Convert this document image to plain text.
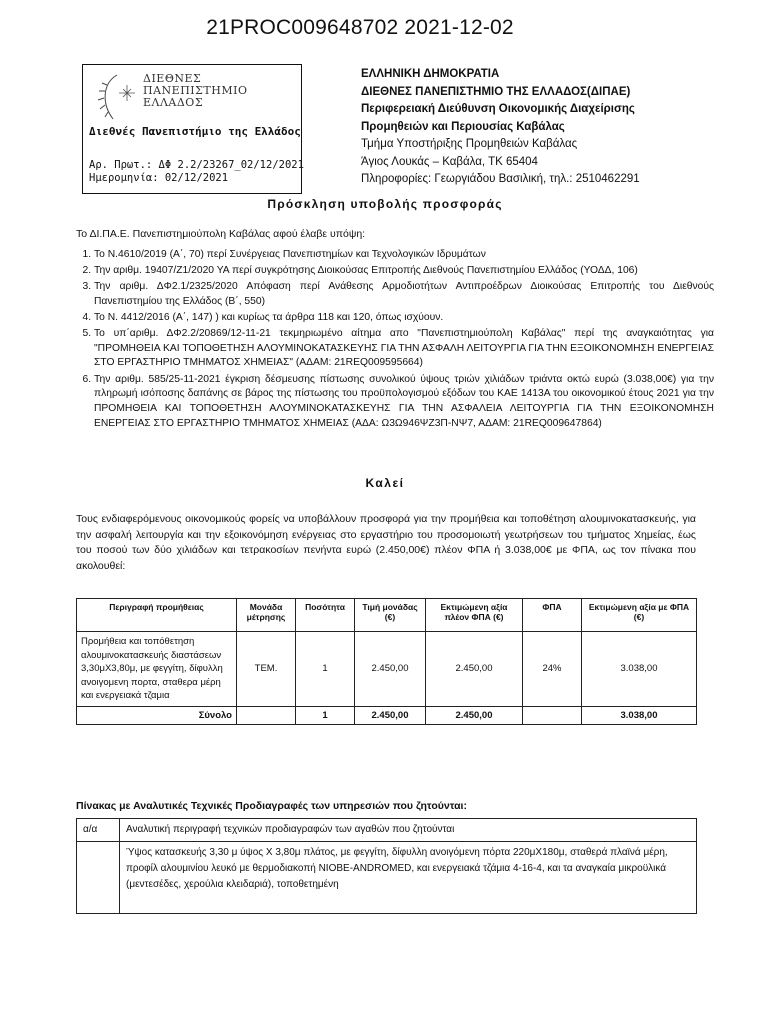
21PROC009648702 2021-12-02
ΔΙΕΘΝΕΣ
ΠΑΝΕΠΙΣΤΗΜΙΟ
ΕΛΛΑΔΟΣ
Διεθνές Πανεπιστήμιο της Ελλάδος
Αρ. Πρωτ.: ΔΦ 2.2/23267_02/12/2021
Ημερομηνία: 02/12/2021
ΕΛΛΗΝΙΚΗ ΔΗΜΟΚΡΑΤΙΑ
ΔΙΕΘΝΕΣ ΠΑΝΕΠΙΣΤΗΜΙΟ ΤΗΣ ΕΛΛΑΔΟΣ(ΔΙΠΑΕ)
Περιφερειακή Διεύθυνση Οικονομικής Διαχείρισης
Προμηθειών και Περιουσίας Καβάλας
Τμήμα Υποστήριξης Προμηθειών Καβάλας
Άγιος Λουκάς – Καβάλα, ΤΚ 65404
Πληροφορίες: Γεωργιάδου Βασιλική, τηλ.: 2510462291
Πρόσκληση υποβολής προσφοράς
Το ΔΙ.ΠΑ.Ε. Πανεπιστημιούπολη Καβάλας αφού έλαβε υπόψη:
1. Το Ν.4610/2019 (Α΄, 70) περί Συνέργειας Πανεπιστημίων και Τεχνολογικών Ιδρυμάτων
2. Την αριθμ. 19407/Ζ1/2020 ΥΑ περί συγκρότησης Διοικούσας Επιτροπής Διεθνούς Πανεπιστημίου Ελλάδος (ΥΟΔΔ, 106)
3. Την αριθμ. ΔΦ2.1/2325/2020 Απόφαση περί Ανάθεσης Αρμοδιοτήτων Αντιπροέδρων Διοικούσας Επιτροπής του Διεθνούς Πανεπιστημίου της Ελλάδος (Β΄, 550)
4. Το Ν. 4412/2016 (Α΄, 147) ) και κυρίως τα άρθρα 118 και 120, όπως ισχύουν.
5. Το υπ΄αριθμ. ΔΦ2.2/20869/12-11-21 τεκμηριωμένο αίτημα απο "Πανεπιστημιούπολη Καβάλας" περί της αναγκαιότητας για "ΠΡΟΜΗΘΕΙΑ ΚΑΙ ΤΟΠΟΘΕΤΗΣΗ ΑΛΟΥΜΙΝΟΚΑΤΑΣΚΕΥΗΣ ΓΙΑ ΤΗΝ ΑΣΦΑΛΗ ΛΕΙΤΟΥΡΓΙΑ ΓΙΑ ΤΗΝ ΕΞΟΙΚΟΝΟΜΗΣΗ ΕΝΕΡΓΕΙΑΣ ΣΤΟ ΕΡΓΑΣΤΗΡΙΟ ΤΜΗΜΑΤΟΣ ΧΗΜΕΙΑΣ" (ΑΔΑΜ: 21REQ009595664)
6. Την αριθμ. 585/25-11-2021 έγκριση δέσμευσης πίστωσης συνολικού ύψους τριών χιλιάδων τριάντα οκτώ ευρώ (3.038,00€) για την πληρωμή ισόποσης δαπάνης σε βάρος της πίστωσης του προϋπολογισμού εξόδων του ΚΑΕ 1413Α του οικονομικού έτους 2021 για την ΠΡΟΜΗΘΕΙΑ ΚΑΙ ΤΟΠΟΘΕΤΗΣΗ ΑΛΟΥΜΙΝΟΚΑΤΑΣΚΕΥΗΣ ΓΙΑ ΤΗΝ ΑΣΦΑΛΕΙΑ ΛΕΙΤΟΥΡΓΙΑ ΓΙΑ ΤΗΝ ΕΞΟΙΚΟΝΟΜΗΣΗ ΕΝΕΡΓΕΙΑΣ ΣΤΟ ΕΡΓΑΣΤΗΡΙΟ ΤΜΗΜΑΤΟΣ ΧΗΜΕΙΑΣ (ΑΔΑ: Ω3Ω946ΨΖ3Π-ΝΨ7, ΑΔΑΜ: 21REQ009647864)
Καλεί
Τους ενδιαφερόμενους οικονομικούς φορείς να υποβάλλουν προσφορά για την προμήθεια και τοποθέτηση αλουμινοκατασκευής, για την ασφαλή λειτουργία και την εξοικονόμηση ενέργειας στο εργαστήριο του προσομοιωτή γεωτρήσεων του τμήματος Χημείας, έως του ποσού των δύο χιλιάδων και τετρακοσίων πενήντα ευρώ (2.450,00€) πλέον ΦΠΑ ή 3.038,00€ με ΦΠΑ, ως τον πίνακα που ακολουθεί:
Περιγραφή προμήθειας	Μονάδα μέτρησης	Ποσότητα	Τιμή μονάδας (€)	Εκτιμώμενη αξία πλέον ΦΠΑ (€)	ΦΠΑ	Εκτιμώμενη αξία με ΦΠΑ (€)
Προμήθεια και τοπόθετηση αλουμινοκατασκευής διαστάσεων 3,30μX3,80μ, με φεγγίτη, δίφυλλη ανοιγομενη πορτα, σταθερα μέρη και ενεργειακά τζαμια	ΤΕΜ.	1	2.450,00	2.450,00	24%	3.038,00
Σύνολο		1	2.450,00	2.450,00		3.038,00
Πίνακας με Αναλυτικές Τεχνικές Προδιαγραφές των υπηρεσιών που ζητούνται:
α/α	Αναλυτική περιγραφή τεχνικών προδιαγραφών των αγαθών που ζητούνται
	Ύψος κατασκευής 3,30 μ ύψος Χ 3,80μ πλάτος, με φεγγίτη, δίφυλλη ανοιγόμενη πόρτα 220μΧ180μ, σταθερά πλαϊνά μέρη, προφίλ αλουμινίου λευκό με θερμοδιακοπή NIOBE-ANDROMED, και ενεργειακά τζάμια 4-16-4, και τα αναγκαία μικροϋλικά (μεντεσέδες, χερούλια κλειδαριά), τοποθετημένη
